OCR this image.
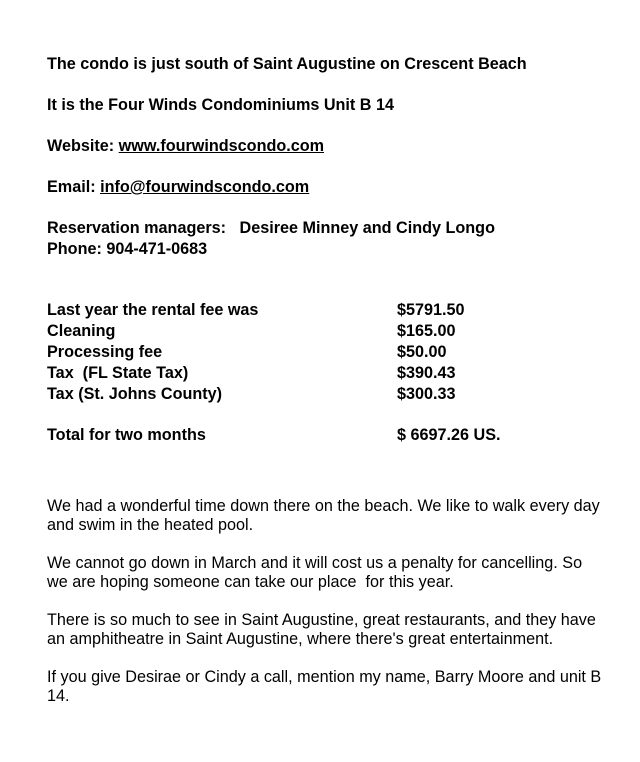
The condo is just south of Saint Augustine on Crescent Beach
It is the Four Winds Condominiums Unit B 14
Website: www.fourwindscondo.com
Email: info@fourwindscondo.com
Reservation managers:   Desiree Minney and Cindy Longo
Phone: 904-471-0683
Last year the rental fee was	$5791.50
Cleaning	$165.00
Processing fee	$50.00
Tax  (FL State Tax)	$390.43
Tax (St. Johns County)	$300.33
Total for two months	$ 6697.26 US.
We had a wonderful time down there on the beach. We like to walk every day and swim in the heated pool.
We cannot go down in March and it will cost us a penalty for cancelling. So we are hoping someone can take our place  for this year.
There is so much to see in Saint Augustine, great restaurants, and they have an amphitheatre in Saint Augustine, where there's great entertainment.
If you give Desirae or Cindy a call, mention my name, Barry Moore and unit B 14.
